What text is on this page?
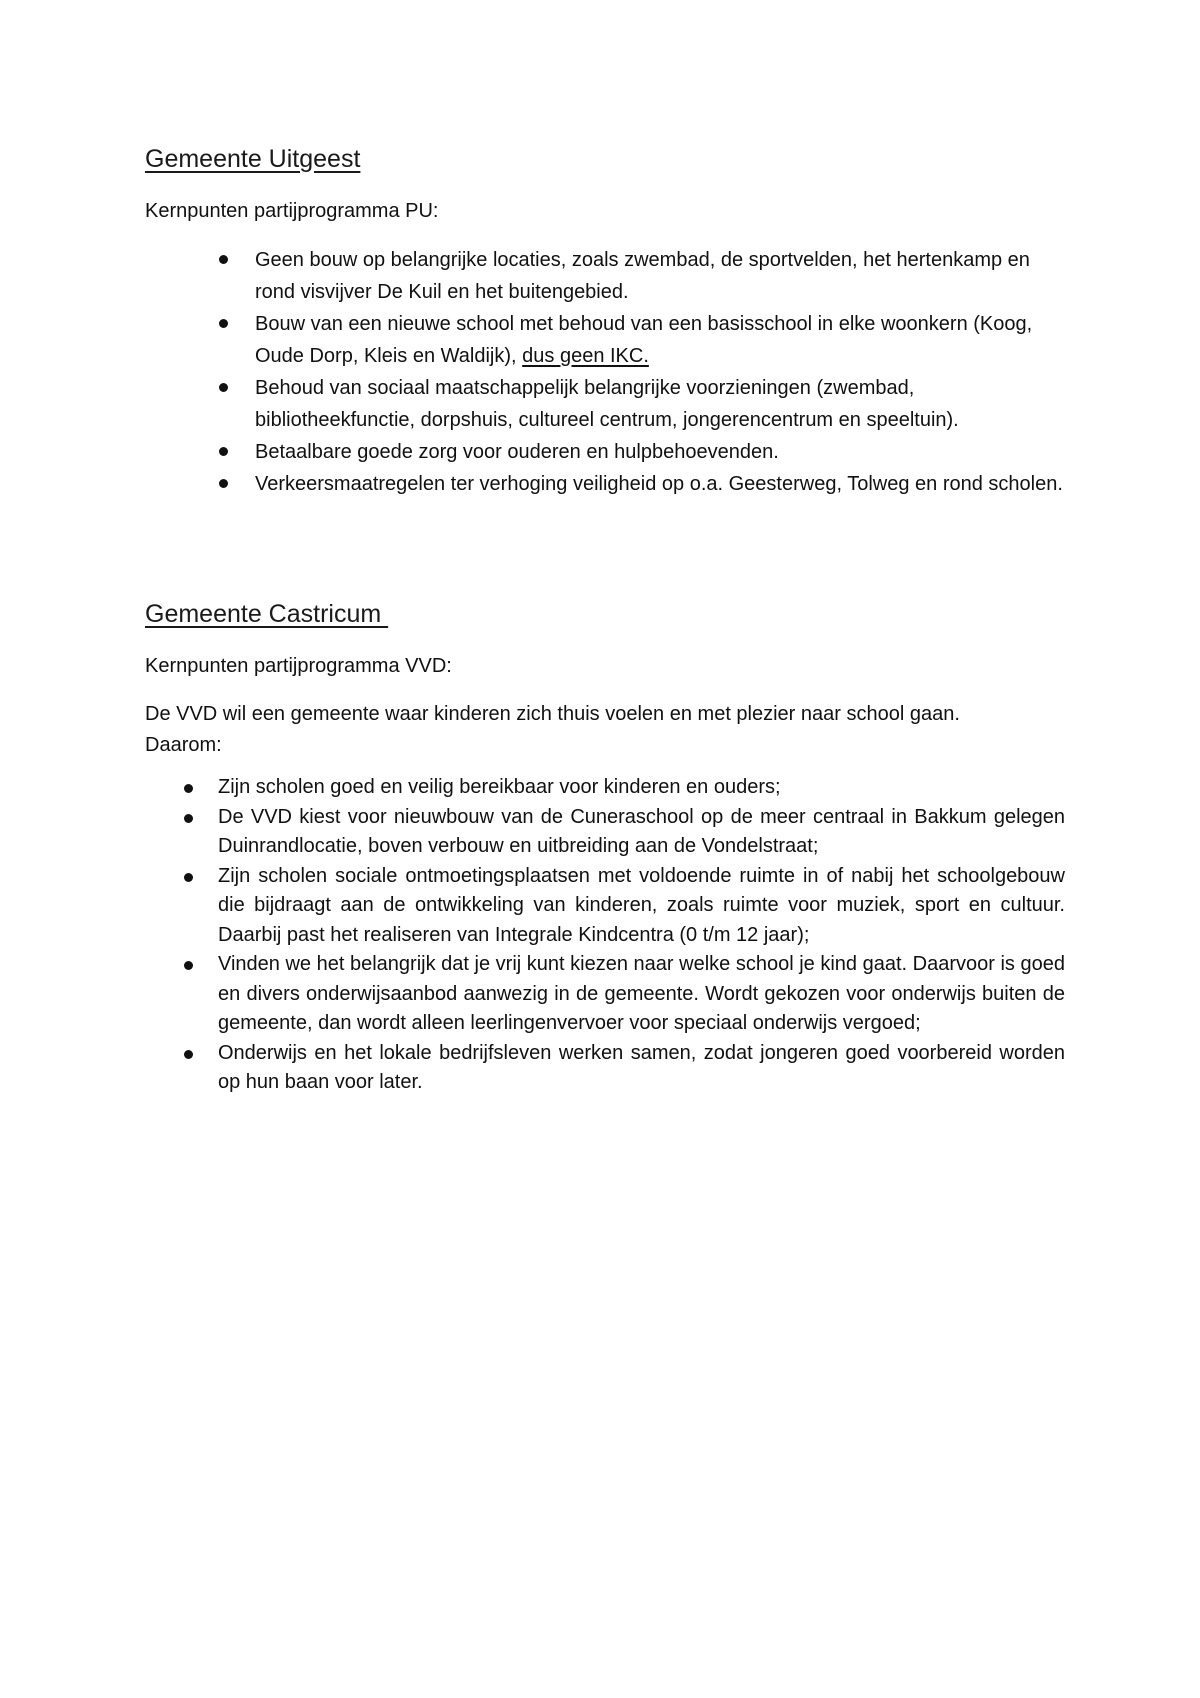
Gemeente Uitgeest

Kernpunten partijprogramma PU:

Geen bouw op belangrijke locaties, zoals zwembad, de sportvelden, het hertenkamp en rond visvijver De Kuil en het buitengebied.
Bouw van een nieuwe school met behoud van een basisschool in elke woonkern (Koog, Oude Dorp, Kleis en Waldijk), dus geen IKC.
Behoud van sociaal maatschappelijk belangrijke voorzieningen (zwembad, bibliotheekfunctie, dorpshuis, cultureel centrum, jongerencentrum en speeltuin).
Betaalbare goede zorg voor ouderen en hulpbehoevenden.
Verkeersmaatregelen ter verhoging veiligheid op o.a. Geesterweg, Tolweg en rond scholen.
Gemeente Castricum

Kernpunten partijprogramma VVD:

De VVD wil een gemeente waar kinderen zich thuis voelen en met plezier naar school gaan.
Daarom:

Zijn scholen goed en veilig bereikbaar voor kinderen en ouders;
De VVD kiest voor nieuwbouw van de Cuneraschool op de meer centraal in Bakkum gelegen Duinrandlocatie, boven verbouw en uitbreiding aan de Vondelstraat;
Zijn scholen sociale ontmoetingsplaatsen met voldoende ruimte in of nabij het schoolgebouw die bijdraagt aan de ontwikkeling van kinderen, zoals ruimte voor muziek, sport en cultuur. Daarbij past het realiseren van Integrale Kindcentra (0 t/m 12 jaar);
Vinden we het belangrijk dat je vrij kunt kiezen naar welke school je kind gaat. Daarvoor is goed en divers onderwijsaanbod aanwezig in de gemeente. Wordt gekozen voor onderwijs buiten de gemeente, dan wordt alleen leerlingenvervoer voor speciaal onderwijs vergoed;
Onderwijs en het lokale bedrijfsleven werken samen, zodat jongeren goed voorbereid worden op hun baan voor later.
